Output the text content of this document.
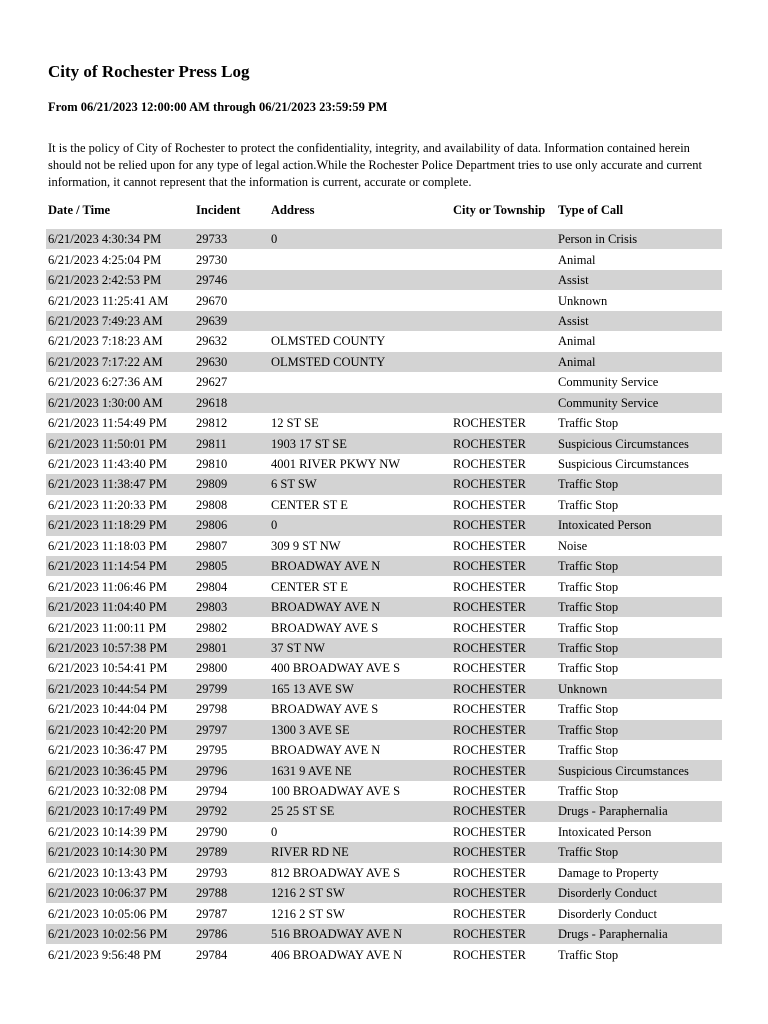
City of Rochester Press Log

From 06/21/2023 12:00:00 AM through 06/21/2023 23:59:59 PM

It is the policy of City of Rochester to protect the confidentiality, integrity, and availability of data. Information contained herein should not be relied upon for any type of legal action.While the Rochester Police Department tries to use only accurate and current information, it cannot represent that the information is current, accurate or complete.

Date / Time	Incident	Address	City or Township	Type of Call
6/21/2023 4:30:34 PM	29733	0		Person in Crisis
6/21/2023 4:25:04 PM	29730			Animal
6/21/2023 2:42:53 PM	29746			Assist
6/21/2023 11:25:41 AM	29670			Unknown
6/21/2023 7:49:23 AM	29639			Assist
6/21/2023 7:18:23 AM	29632	OLMSTED COUNTY		Animal
6/21/2023 7:17:22 AM	29630	OLMSTED COUNTY		Animal
6/21/2023 6:27:36 AM	29627			Community Service
6/21/2023 1:30:00 AM	29618			Community Service
6/21/2023 11:54:49 PM	29812	12 ST SE	ROCHESTER	Traffic Stop
6/21/2023 11:50:01 PM	29811	1903 17 ST SE	ROCHESTER	Suspicious Circumstances
6/21/2023 11:43:40 PM	29810	4001 RIVER PKWY NW	ROCHESTER	Suspicious Circumstances
6/21/2023 11:38:47 PM	29809	6 ST SW	ROCHESTER	Traffic Stop
6/21/2023 11:20:33 PM	29808	CENTER ST E	ROCHESTER	Traffic Stop
6/21/2023 11:18:29 PM	29806	0	ROCHESTER	Intoxicated Person
6/21/2023 11:18:03 PM	29807	309 9 ST NW	ROCHESTER	Noise
6/21/2023 11:14:54 PM	29805	BROADWAY AVE N	ROCHESTER	Traffic Stop
6/21/2023 11:06:46 PM	29804	CENTER ST E	ROCHESTER	Traffic Stop
6/21/2023 11:04:40 PM	29803	BROADWAY AVE N	ROCHESTER	Traffic Stop
6/21/2023 11:00:11 PM	29802	BROADWAY AVE S	ROCHESTER	Traffic Stop
6/21/2023 10:57:38 PM	29801	37 ST NW	ROCHESTER	Traffic Stop
6/21/2023 10:54:41 PM	29800	400 BROADWAY AVE S	ROCHESTER	Traffic Stop
6/21/2023 10:44:54 PM	29799	165 13 AVE SW	ROCHESTER	Unknown
6/21/2023 10:44:04 PM	29798	BROADWAY AVE S	ROCHESTER	Traffic Stop
6/21/2023 10:42:20 PM	29797	1300 3 AVE SE	ROCHESTER	Traffic Stop
6/21/2023 10:36:47 PM	29795	BROADWAY AVE N	ROCHESTER	Traffic Stop
6/21/2023 10:36:45 PM	29796	1631 9 AVE NE	ROCHESTER	Suspicious Circumstances
6/21/2023 10:32:08 PM	29794	100 BROADWAY AVE S	ROCHESTER	Traffic Stop
6/21/2023 10:17:49 PM	29792	25 25 ST SE	ROCHESTER	Drugs - Paraphernalia
6/21/2023 10:14:39 PM	29790	0	ROCHESTER	Intoxicated Person
6/21/2023 10:14:30 PM	29789	RIVER RD NE	ROCHESTER	Traffic Stop
6/21/2023 10:13:43 PM	29793	812 BROADWAY AVE S	ROCHESTER	Damage to Property
6/21/2023 10:06:37 PM	29788	1216 2 ST SW	ROCHESTER	Disorderly Conduct
6/21/2023 10:05:06 PM	29787	1216 2 ST SW	ROCHESTER	Disorderly Conduct
6/21/2023 10:02:56 PM	29786	516 BROADWAY AVE N	ROCHESTER	Drugs - Paraphernalia
6/21/2023 9:56:48 PM	29784	406 BROADWAY AVE N	ROCHESTER	Traffic Stop
